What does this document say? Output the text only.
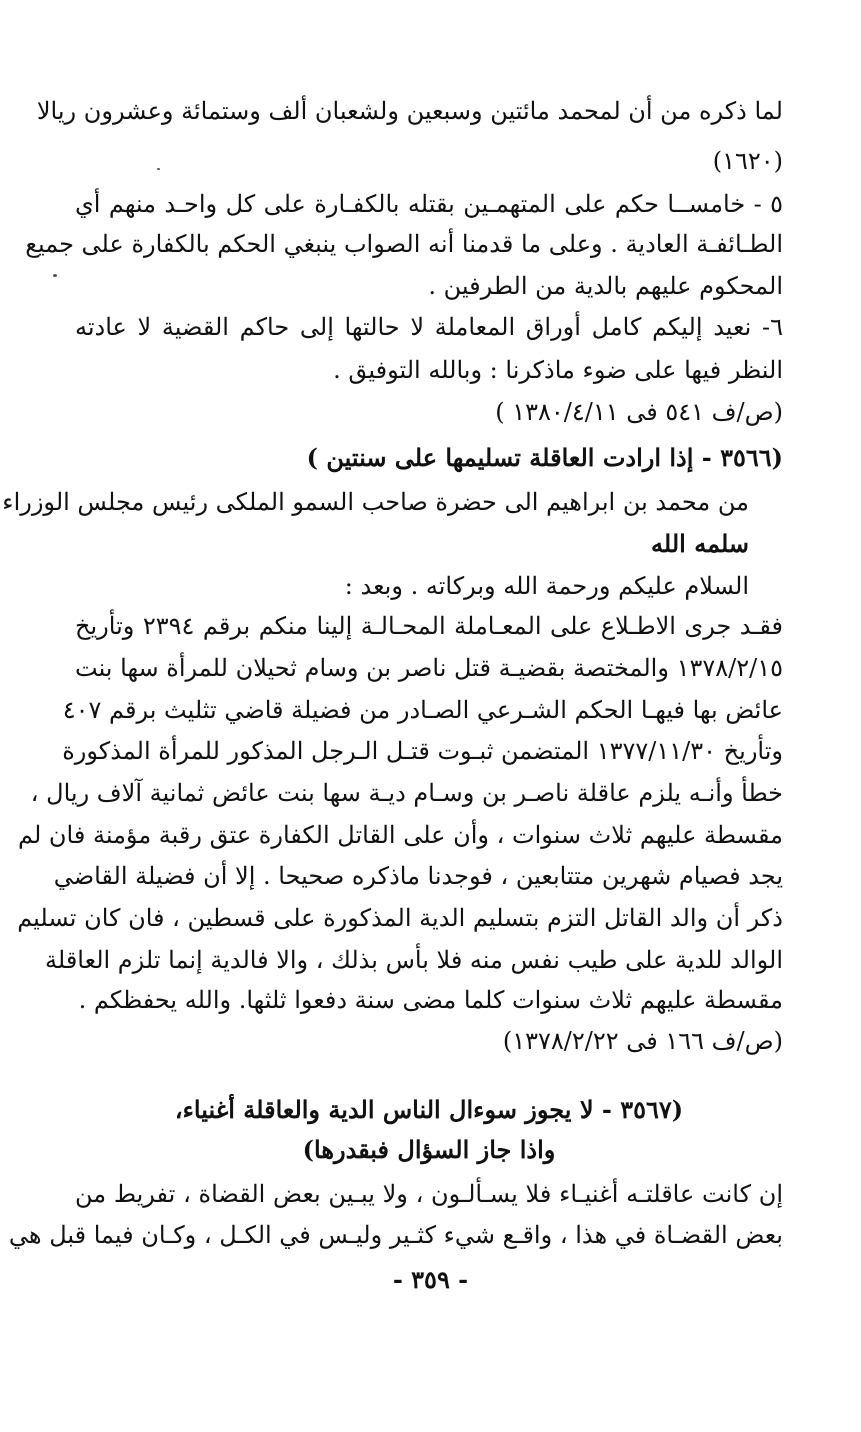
لما ذكره من أن لمحمد مائتين وسبعين ولشعبان ألف وستمائة وعشرون ريالا
(١٦٢٠)
٥ - خامســا حكم على المتهمـين بقتله بالكفـارة على كل واحـد منهم أي
الطـائفـة العادية . وعلى ما قدمنا أنه الصواب ينبغي الحكم بالكفارة على جميع
المحكوم عليهم بالدية من الطرفين .
٦- نعيد إليكم كامل أوراق المعاملة لا حالتها إلى حاكم القضية لا عادته
النظر فيها على ضوء ماذكرنا : وبالله التوفيق .
(ص/ف ٥٤١ فى ١٣٨٠/٤/١١ )
(٣٥٦٦ - إذا ارادت العاقلة تسليمها على سنتين )
من محمد بن ابراهيم الى حضرة صاحب السمو الملكى رئيس مجلس الوزراء
سلمه الله
السلام عليكم ورحمة الله وبركاته . وبعد :
فقـد جرى الاطـلاع على المعـاملة المحـالـة إلينا منكم برقم ٢٣٩٤ وتأريخ
١٣٧٨/٢/١٥ والمختصة بقضيـة قتل ناصر بن وسام ثحيلان للمرأة سها بنت
عائض بها فيهـا الحكم الشـرعي الصـادر من فضيلة قاضي تثليث برقم ٤٠٧
وتأريخ ١٣٧٧/١١/٣٠ المتضمن ثبـوت قتـل الـرجل المذكور للمرأة المذكورة
خطأ وأنـه يلزم عاقلة ناصـر بن وسـام ديـة سها بنت عائض ثمانية آلاف ريال ،
مقسطة عليهم ثلاث سنوات ، وأن على القاتل الكفارة عتق رقبة مؤمنة فان لم
يجد فصيام شهرين متتابعين ، فوجدنا ماذكره صحيحا . إلا أن فضيلة القاضي
ذكر أن والد القاتل التزم بتسليم الدية المذكورة على قسطين ، فان كان تسليم
الوالد للدية على طيب نفس منه فلا بأس بذلك ، والا فالدية إنما تلزم العاقلة
مقسطة عليهم ثلاث سنوات كلما مضى سنة دفعوا ثلثها. والله يحفظكم .
(ص/ف ١٦٦ فى ١٣٧٨/٢/٢٢)
(٣٥٦٧ - لا يجوز سوءال الناس الدية والعاقلة أغنياء،
واذا جاز السؤال فبقدرها)
إن كانت عاقلتـه أغنيـاء فلا يسـألـون ، ولا يبـين بعض القضاة ، تفريط من
بعض القضـاة في هذا ، واقـع شيء كثـير وليـس في الكـل ، وكـان فيما قبل هي
- ٣٥٩ -
